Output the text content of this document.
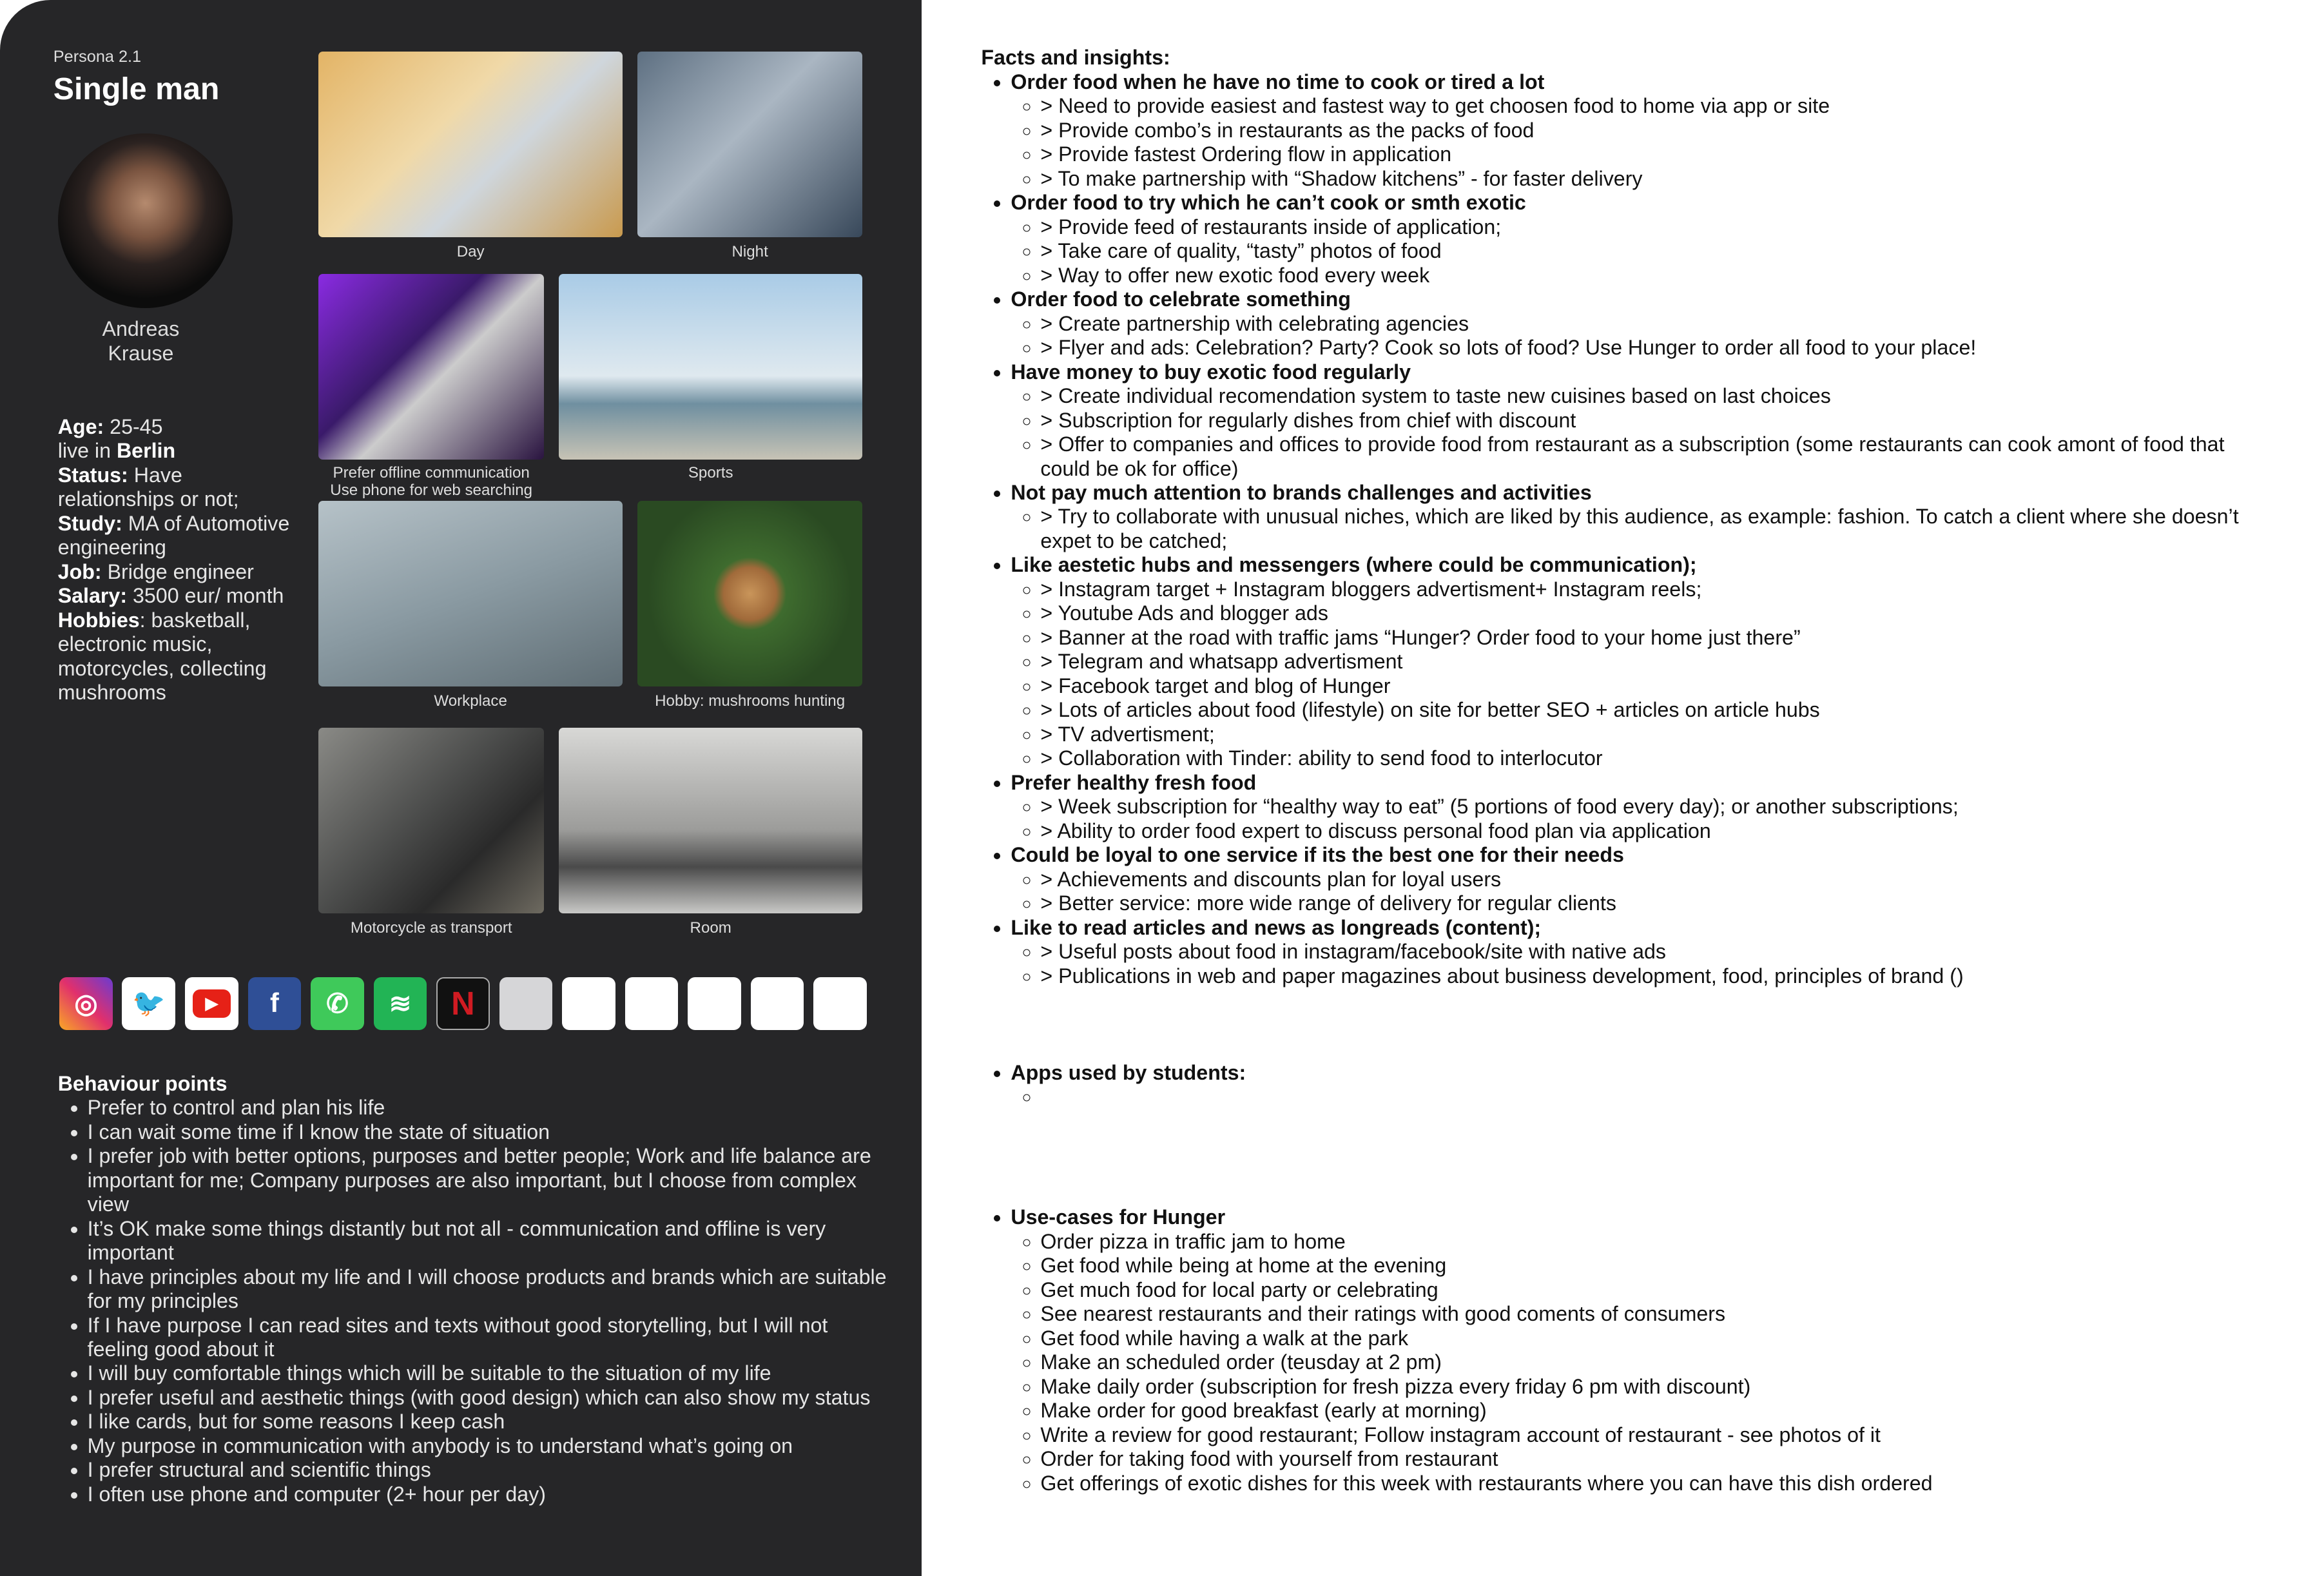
Persona 2.1
Single man
Andreas
Krause
Age: 25-45
live in Berlin
Status: Have relationships or not;
Study: MA of Automotive engineering
Job: Bridge engineer
Salary: 3500 eur/ month
Hobbies: basketball, electronic music, motorcycles, collecting mushrooms
Day	Night
Prefer offline communication
Use phone for web searching
Sports
Workplace	Hobby: mushrooms hunting
Motorcycle as transport	Room
◎	🐦	▶	f	✆	≋	N
Behaviour points
• Prefer to control and plan his life
• I can wait some time if I know the state of situation
• I prefer job with better options, purposes and better people; Work and life balance are important for me; Company purposes are also important, but I choose from complex view
• It’s OK make some things distantly but not all - communication and offline is very important
• I have principles about my life and I will choose products and brands which are suitable for my principles
• If I have purpose I can read sites and texts without good storytelling, but I will not feeling good about it
• I will buy comfortable things which will be suitable to the situation of my life
• I prefer useful and aesthetic things (with good design) which can also show my status
• I like cards, but for some reasons I keep cash
• My purpose in communication with anybody is to understand what’s going on
• I prefer structural and scientific things
• I often use phone and computer (2+ hour per day)
Facts and insights:
• Order food when he have no time to cook or tired a lot
◦ > Need to provide easiest and fastest way to get choosen food to home via app or site
◦ > Provide combo’s in restaurants as the packs of food
◦ > Provide fastest Ordering flow in application
◦ > To make partnership with “Shadow kitchens” - for faster delivery
• Order food to try which he can’t cook or smth exotic
◦ > Provide feed of restaurants inside of application;
◦ > Take care of quality, “tasty” photos of food
◦ > Way to offer new exotic food every week
• Order food to celebrate something
◦ > Create partnership with celebrating agencies
◦ > Flyer and ads: Celebration? Party? Cook so lots of food? Use Hunger to order all food to your place!
• Have money to buy exotic food regularly
◦ > Create individual recomendation system to taste new cuisines based on last choices
◦ > Subscription for regularly dishes from chief with discount
◦ > Offer to companies and offices to provide food from restaurant as a subscription (some restaurants can cook amont of food that could be ok for office)
• Not pay much attention to brands challenges and activities
◦ > Try to collaborate with unusual niches, which are liked by this audience, as example: fashion. To catch a client where she doesn’t expet to be catched;
• Like aestetic hubs and messengers (where could be communication);
◦ > Instagram target + Instagram bloggers advertisment+ Instagram reels;
◦ > Youtube Ads and blogger ads
◦ > Banner at the road with traffic jams “Hunger? Order food to your home just there”
◦ > Telegram and whatsapp advertisment
◦ > Facebook target and blog of Hunger
◦ > Lots of articles about food (lifestyle) on site for better SEO + articles on article hubs
◦ > TV advertisment;
◦ > Collaboration with Tinder: ability to send food to interlocutor
• Prefer healthy fresh food
◦ > Week subscription for “healthy way to eat” (5 portions of food every day); or another subscriptions;
◦ > Ability to order food expert to discuss personal food plan via application
• Could be loyal to one service if its the best one for their needs
◦ > Achievements and discounts plan for loyal users
◦ > Better service: more wide range of delivery for regular clients
• Like to read articles and news as longreads (content);
◦ > Useful posts about food in instagram/facebook/site with native ads
◦ > Publications in web and paper magazines about business development, food, principles of brand ()
• Apps used by students:
◦
• Use-cases for Hunger
◦ Order pizza in traffic jam to home
◦ Get food while being at home at the evening
◦ Get much food for local party or celebrating
◦ See nearest restaurants and their ratings with good coments of consumers
◦ Get food while having a walk at the park
◦ Make an scheduled order (teusday at 2 pm)
◦ Make daily order (subscription for fresh pizza every friday 6 pm with discount)
◦ Make order for good breakfast (early at morning)
◦ Write a review for good restaurant; Follow instagram account of restaurant - see photos of it
◦ Order for taking food with yourself from restaurant
◦ Get offerings of exotic dishes for this week with restaurants where you can have this dish ordered
